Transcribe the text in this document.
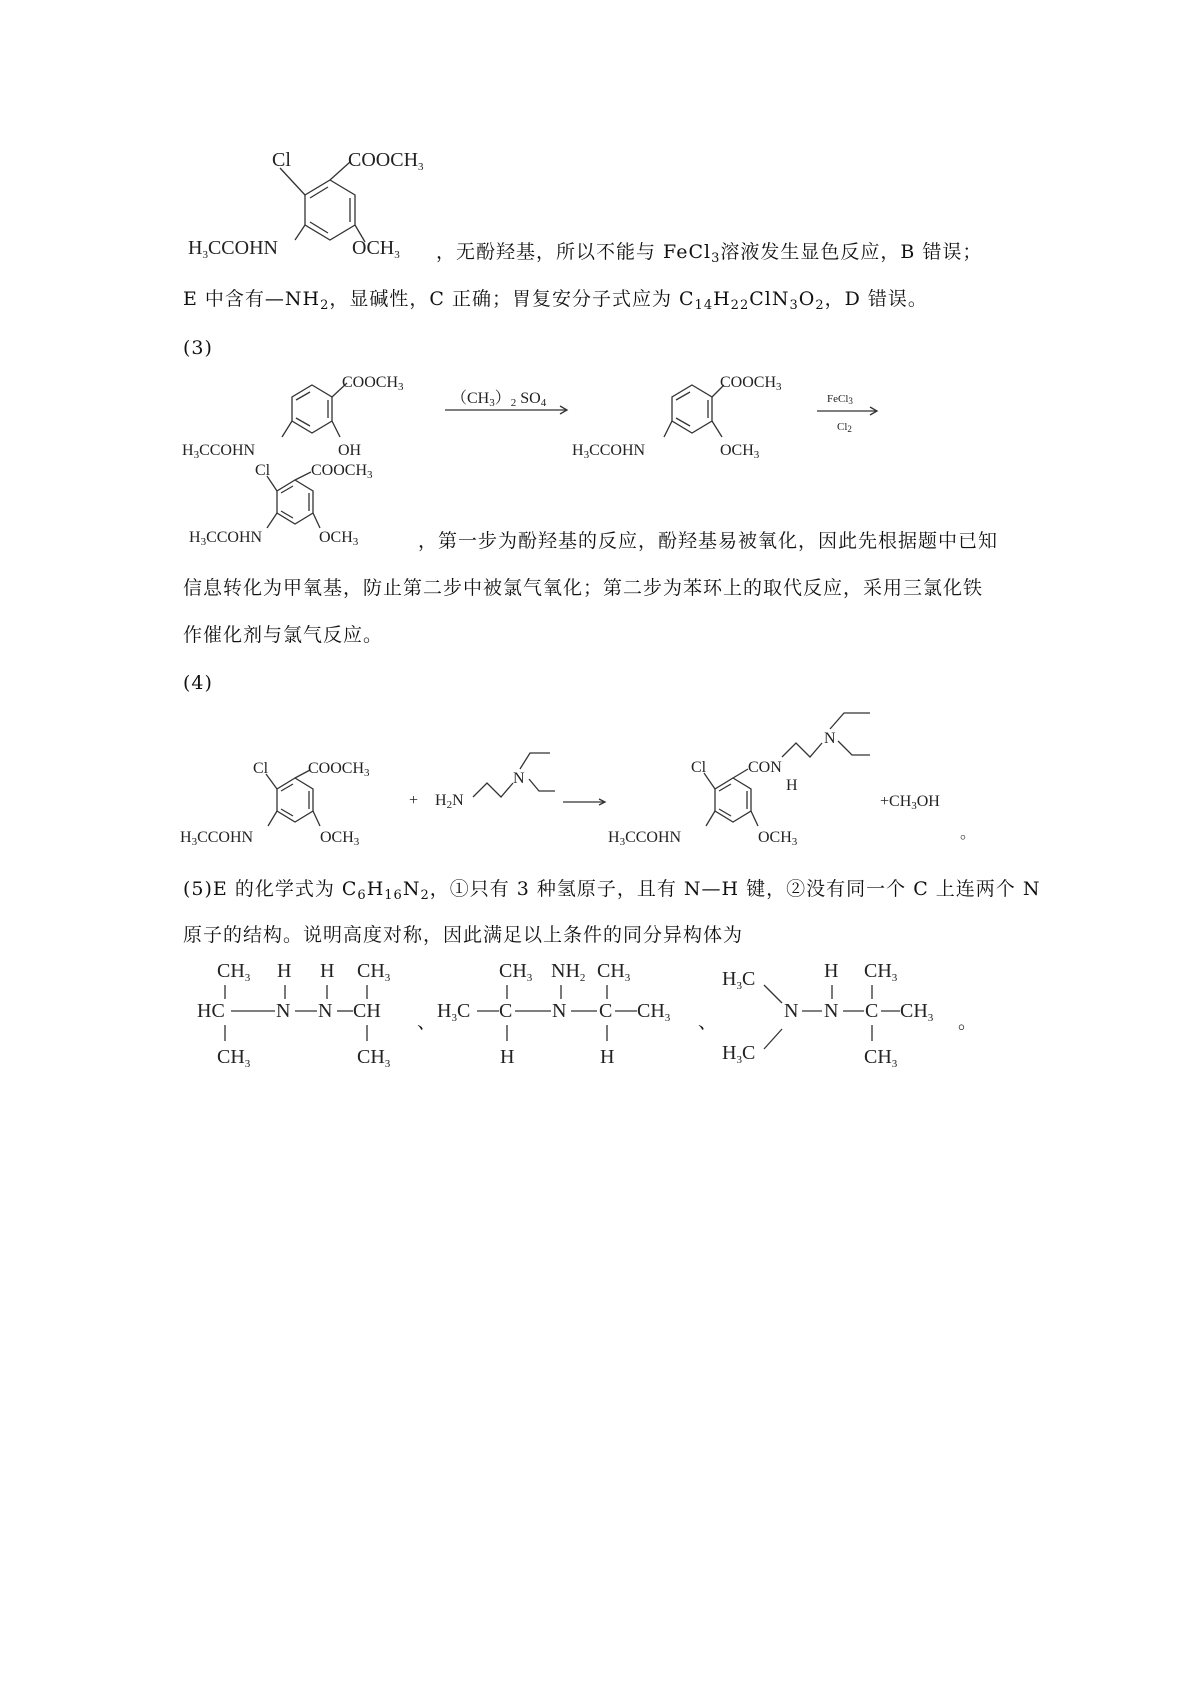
Cl	$COOCH_3$
$H_3CCOHN$	$OCH_3$ ，无酚羟基，所以不能与 FeCl$_3$溶液发生显色反应，B 错误；
E 中含有$—NH_2$，显碱性，C 正确；胃复安分子式应为 $C_{14}H_{22}ClN_3O_2$，D 错误。
(3)
COOCH3
H3CCOHN	OH
（CH3）2 SO4
COOCH3
H3CCOHN	OCH3
FeCl3
Cl2
Cl	COOCH3
H3CCOHN	OCH3	，第一步为酚羟基的反应，酚羟基易被氧化，因此先根据题中已知
信息转化为甲氧基，防止第二步中被氯气氧化；第二步为苯环上的取代反应，采用三氯化铁
作催化剂与氯气反应。
(4)
Cl COOCH3
H3CCOHN	OCH3
+ H2N
N
Cl	CON
H
N
H3CCOHN	OCH3
+CH3OH
。
(5)E 的化学式为 $C_6H_{16}N_2$，①只有 3 种氢原子，且有 N—H 键，②没有同一个 C 上连两个 N
原子的结构。说明高度对称，因此满足以上条件的同分异构体为
$CH_3$ H H $CH_3$
HC	N N CH
$CH_3$	$CH_3$
、
$CH_3$ $NH_2$ $CH_3$
$H_3C$ C N C $CH_3$
H	H
、
$H_3C$
$H_3C$
N
H
N
$CH_3$
C $CH_3$
$CH_3$
。
